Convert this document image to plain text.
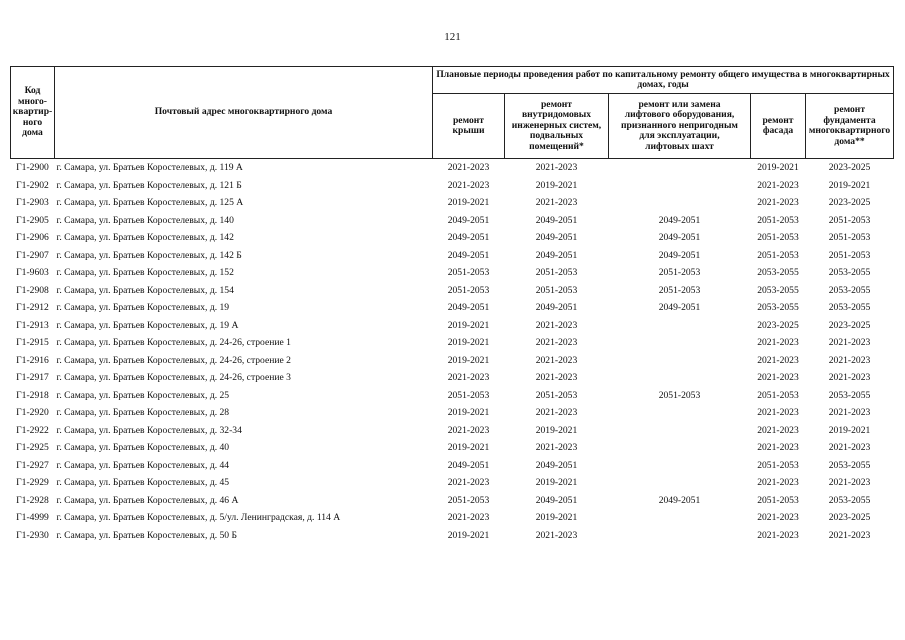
121
Код
много-
квартир-
ного
дома	Почтовый адрес многоквартирного дома	Плановые периоды проведения работ по капитальному ремонту общего имущества в многоквартирных домах, годы				
		ремонт
крыши	ремонт
внутридомовых
инженерных систем,
подвальных
помещений*	ремонт или замена
лифтового оборудования,
признанного непригодным
для эксплуатации,
лифтовых шахт	ремонт
фасада	ремонт
фундамента
многоквартирного
дома**
Г1-2900	г. Самара, ул. Братьев Коростелевых, д. 119 А	2021-2023	2021-2023		2019-2021	2023-2025
Г1-2902	г. Самара, ул. Братьев Коростелевых, д. 121 Б	2021-2023	2019-2021		2021-2023	2019-2021
Г1-2903	г. Самара, ул. Братьев Коростелевых, д. 125 А	2019-2021	2021-2023		2021-2023	2023-2025
Г1-2905	г. Самара, ул. Братьев Коростелевых, д. 140	2049-2051	2049-2051	2049-2051	2051-2053	2051-2053
Г1-2906	г. Самара, ул. Братьев Коростелевых, д. 142	2049-2051	2049-2051	2049-2051	2051-2053	2051-2053
Г1-2907	г. Самара, ул. Братьев Коростелевых, д. 142 Б	2049-2051	2049-2051	2049-2051	2051-2053	2051-2053
Г1-9603	г. Самара, ул. Братьев Коростелевых, д. 152	2051-2053	2051-2053	2051-2053	2053-2055	2053-2055
Г1-2908	г. Самара, ул. Братьев Коростелевых, д. 154	2051-2053	2051-2053	2051-2053	2053-2055	2053-2055
Г1-2912	г. Самара, ул. Братьев Коростелевых, д. 19	2049-2051	2049-2051	2049-2051	2053-2055	2053-2055
Г1-2913	г. Самара, ул. Братьев Коростелевых, д. 19 А	2019-2021	2021-2023		2023-2025	2023-2025
Г1-2915	г. Самара, ул. Братьев Коростелевых, д. 24-26, строение 1	2019-2021	2021-2023		2021-2023	2021-2023
Г1-2916	г. Самара, ул. Братьев Коростелевых, д. 24-26, строение 2	2019-2021	2021-2023		2021-2023	2021-2023
Г1-2917	г. Самара, ул. Братьев Коростелевых, д. 24-26, строение 3	2021-2023	2021-2023		2021-2023	2021-2023
Г1-2918	г. Самара, ул. Братьев Коростелевых, д. 25	2051-2053	2051-2053	2051-2053	2051-2053	2053-2055
Г1-2920	г. Самара, ул. Братьев Коростелевых, д. 28	2019-2021	2021-2023		2021-2023	2021-2023
Г1-2922	г. Самара, ул. Братьев Коростелевых, д. 32-34	2021-2023	2019-2021		2021-2023	2019-2021
Г1-2925	г. Самара, ул. Братьев Коростелевых, д. 40	2019-2021	2021-2023		2021-2023	2021-2023
Г1-2927	г. Самара, ул. Братьев Коростелевых, д. 44	2049-2051	2049-2051		2051-2053	2053-2055
Г1-2929	г. Самара, ул. Братьев Коростелевых, д. 45	2021-2023	2019-2021		2021-2023	2021-2023
Г1-2928	г. Самара, ул. Братьев Коростелевых, д. 46 А	2051-2053	2049-2051	2049-2051	2051-2053	2053-2055
Г1-4999	г. Самара, ул. Братьев Коростелевых, д. 5/ул. Ленинградская, д. 114 А	2021-2023	2019-2021		2021-2023	2023-2025
Г1-2930	г. Самара, ул. Братьев Коростелевых, д. 50 Б	2019-2021	2021-2023		2021-2023	2021-2023
